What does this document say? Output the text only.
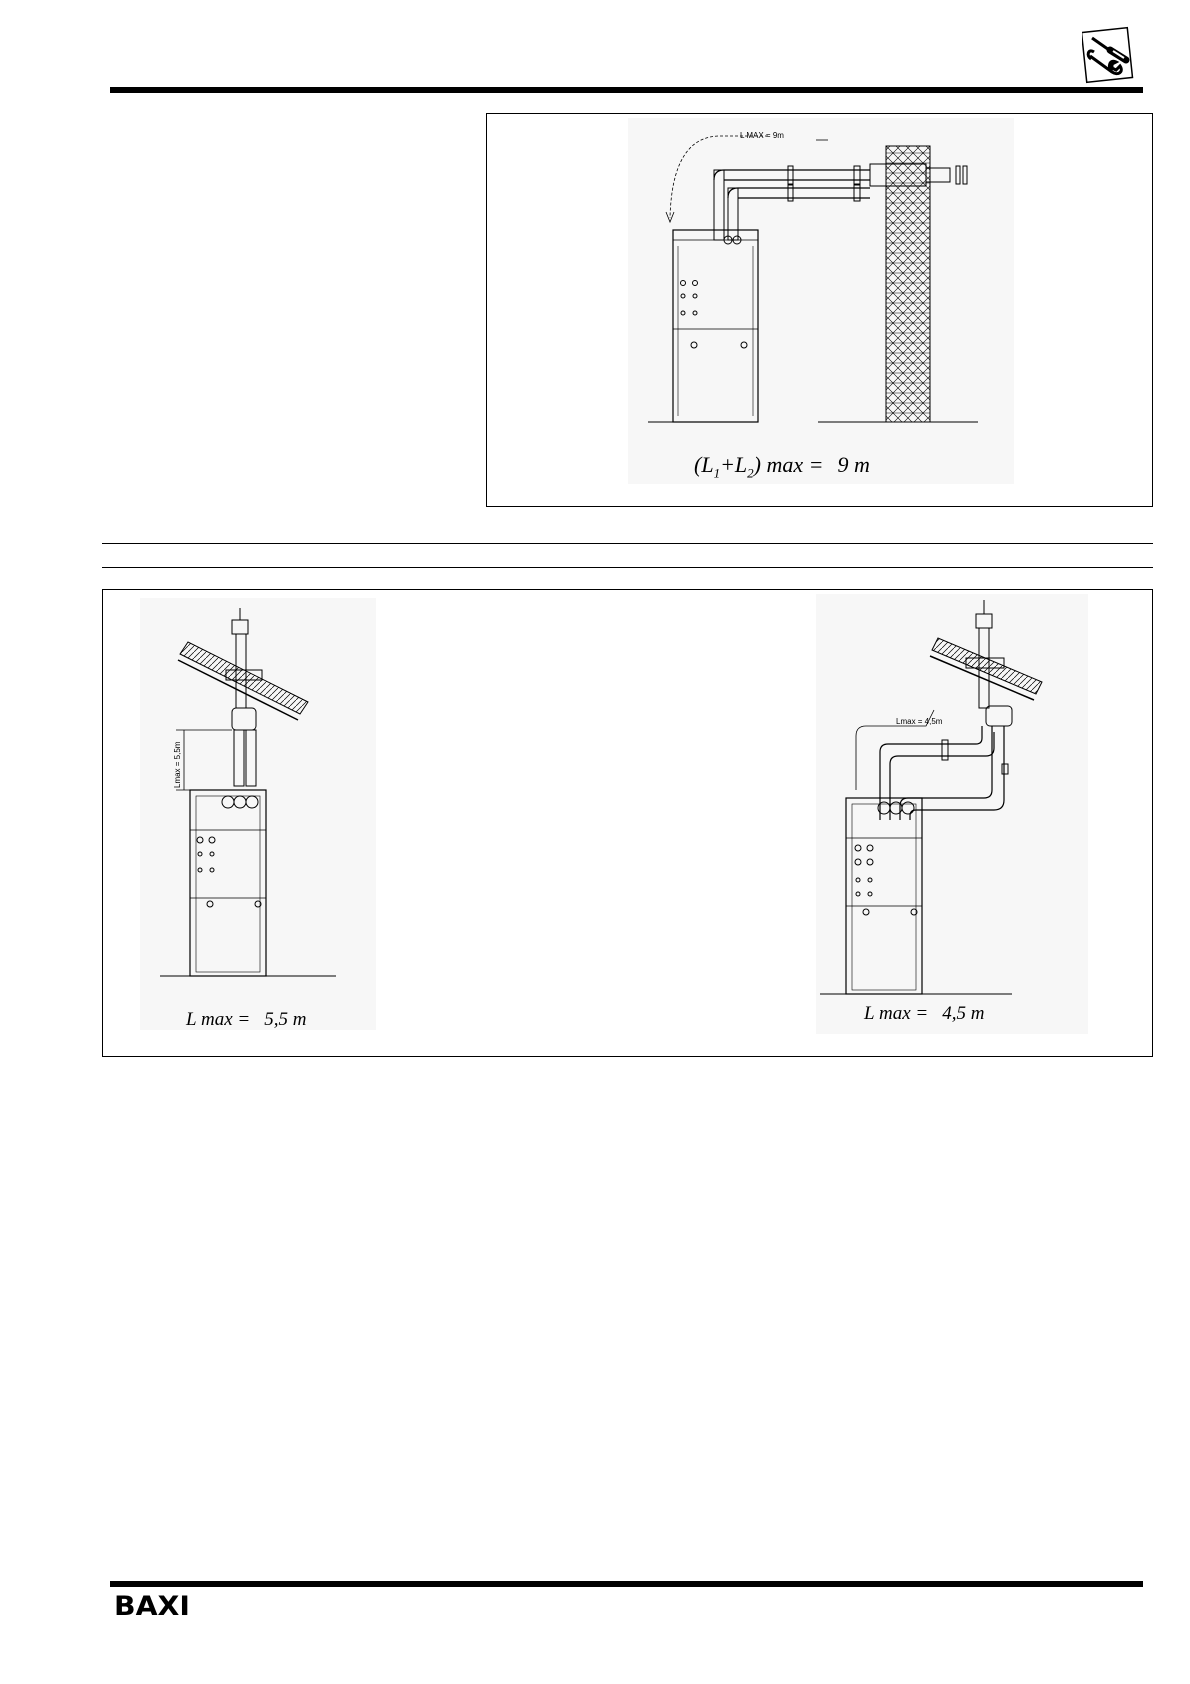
L MAX = 9m
$(L_1+L_2) \max = 9$ m
Lmax = 5,5m
L max = 5,5 m
Lmax = 4,5m
L max = 4,5 m
BAXI
